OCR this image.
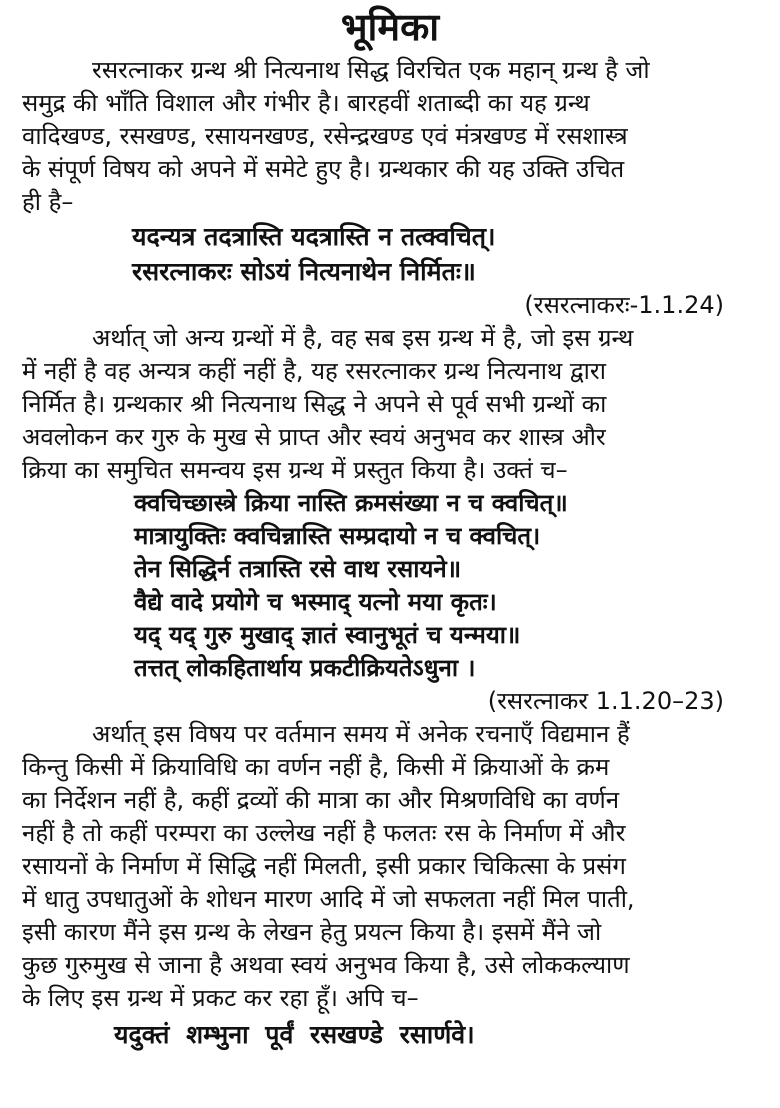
भूमिका

रसरत्नाकर ग्रन्थ श्री नित्यनाथ सिद्ध विरचित एक महान् ग्रन्थ है जो
समुद्र की भाँति विशाल और गंभीर है। बारहवीं शताब्दी का यह ग्रन्थ
वादिखण्ड, रसखण्ड, रसायनखण्ड, रसेन्द्रखण्ड एवं मंत्रखण्ड में रसशास्त्र
के संपूर्ण विषय को अपने में समेटे हुए है। ग्रन्थकार की यह उक्ति उचित
ही है–

यदन्यत्र तदत्रास्ति यदत्रास्ति न तत्क्वचित्।
रसरत्नाकरः सोऽयं नित्यनाथेन निर्मितः॥

(रसरत्नाकरः-1.1.24)

अर्थात् जो अन्य ग्रन्थों में है, वह सब इस ग्रन्थ में है, जो इस ग्रन्थ
में नहीं है वह अन्यत्र कहीं नहीं है, यह रसरत्नाकर ग्रन्थ नित्यनाथ द्वारा
निर्मित है। ग्रन्थकार श्री नित्यनाथ सिद्ध ने अपने से पूर्व सभी ग्रन्थों का
अवलोकन कर गुरु के मुख से प्राप्त और स्वयं अनुभव कर शास्त्र और
क्रिया का समुचित समन्वय इस ग्रन्थ में प्रस्तुत किया है। उक्तं च–

क्वचिच्छास्त्रे क्रिया नास्ति क्रमसंख्या न च क्वचित्॥
मात्रायुक्तिः क्वचिन्नास्ति सम्प्रदायो न च क्वचित्।
तेन सिद्धिर्न तत्रास्ति रसे वाथ रसायने॥
वैद्ये वादे प्रयोगे च भस्माद् यत्नो मया कृतः।
यद् यद् गुरु मुखाद् ज्ञातं स्वानुभूतं च यन्मया॥
तत्तत् लोकहितार्थाय प्रकटीक्रियतेऽधुना ।

(रसरत्नाकर 1.1.20–23)

अर्थात् इस विषय पर वर्तमान समय में अनेक रचनाएँ विद्यमान हैं
किन्तु किसी में क्रियाविधि का वर्णन नहीं है, किसी में क्रियाओं के क्रम
का निर्देशन नहीं है, कहीं द्रव्यों की मात्रा का और मिश्रणविधि का वर्णन
नहीं है तो कहीं परम्परा का उल्लेख नहीं है फलतः रस के निर्माण में और
रसायनों के निर्माण में सिद्धि नहीं मिलती, इसी प्रकार चिकित्सा के प्रसंग
में धातु उपधातुओं के शोधन मारण आदि में जो सफलता नहीं मिल पाती,
इसी कारण मैंने इस ग्रन्थ के लेखन हेतु प्रयत्न किया है। इसमें मैंने जो
कुछ गुरुमुख से जाना है अथवा स्वयं अनुभव किया है, उसे लोककल्याण
के लिए इस ग्रन्थ में प्रकट कर रहा हूँ। अपि च–

यदुक्तं शम्भुना पूर्वं रसखण्डे रसार्णवे।
